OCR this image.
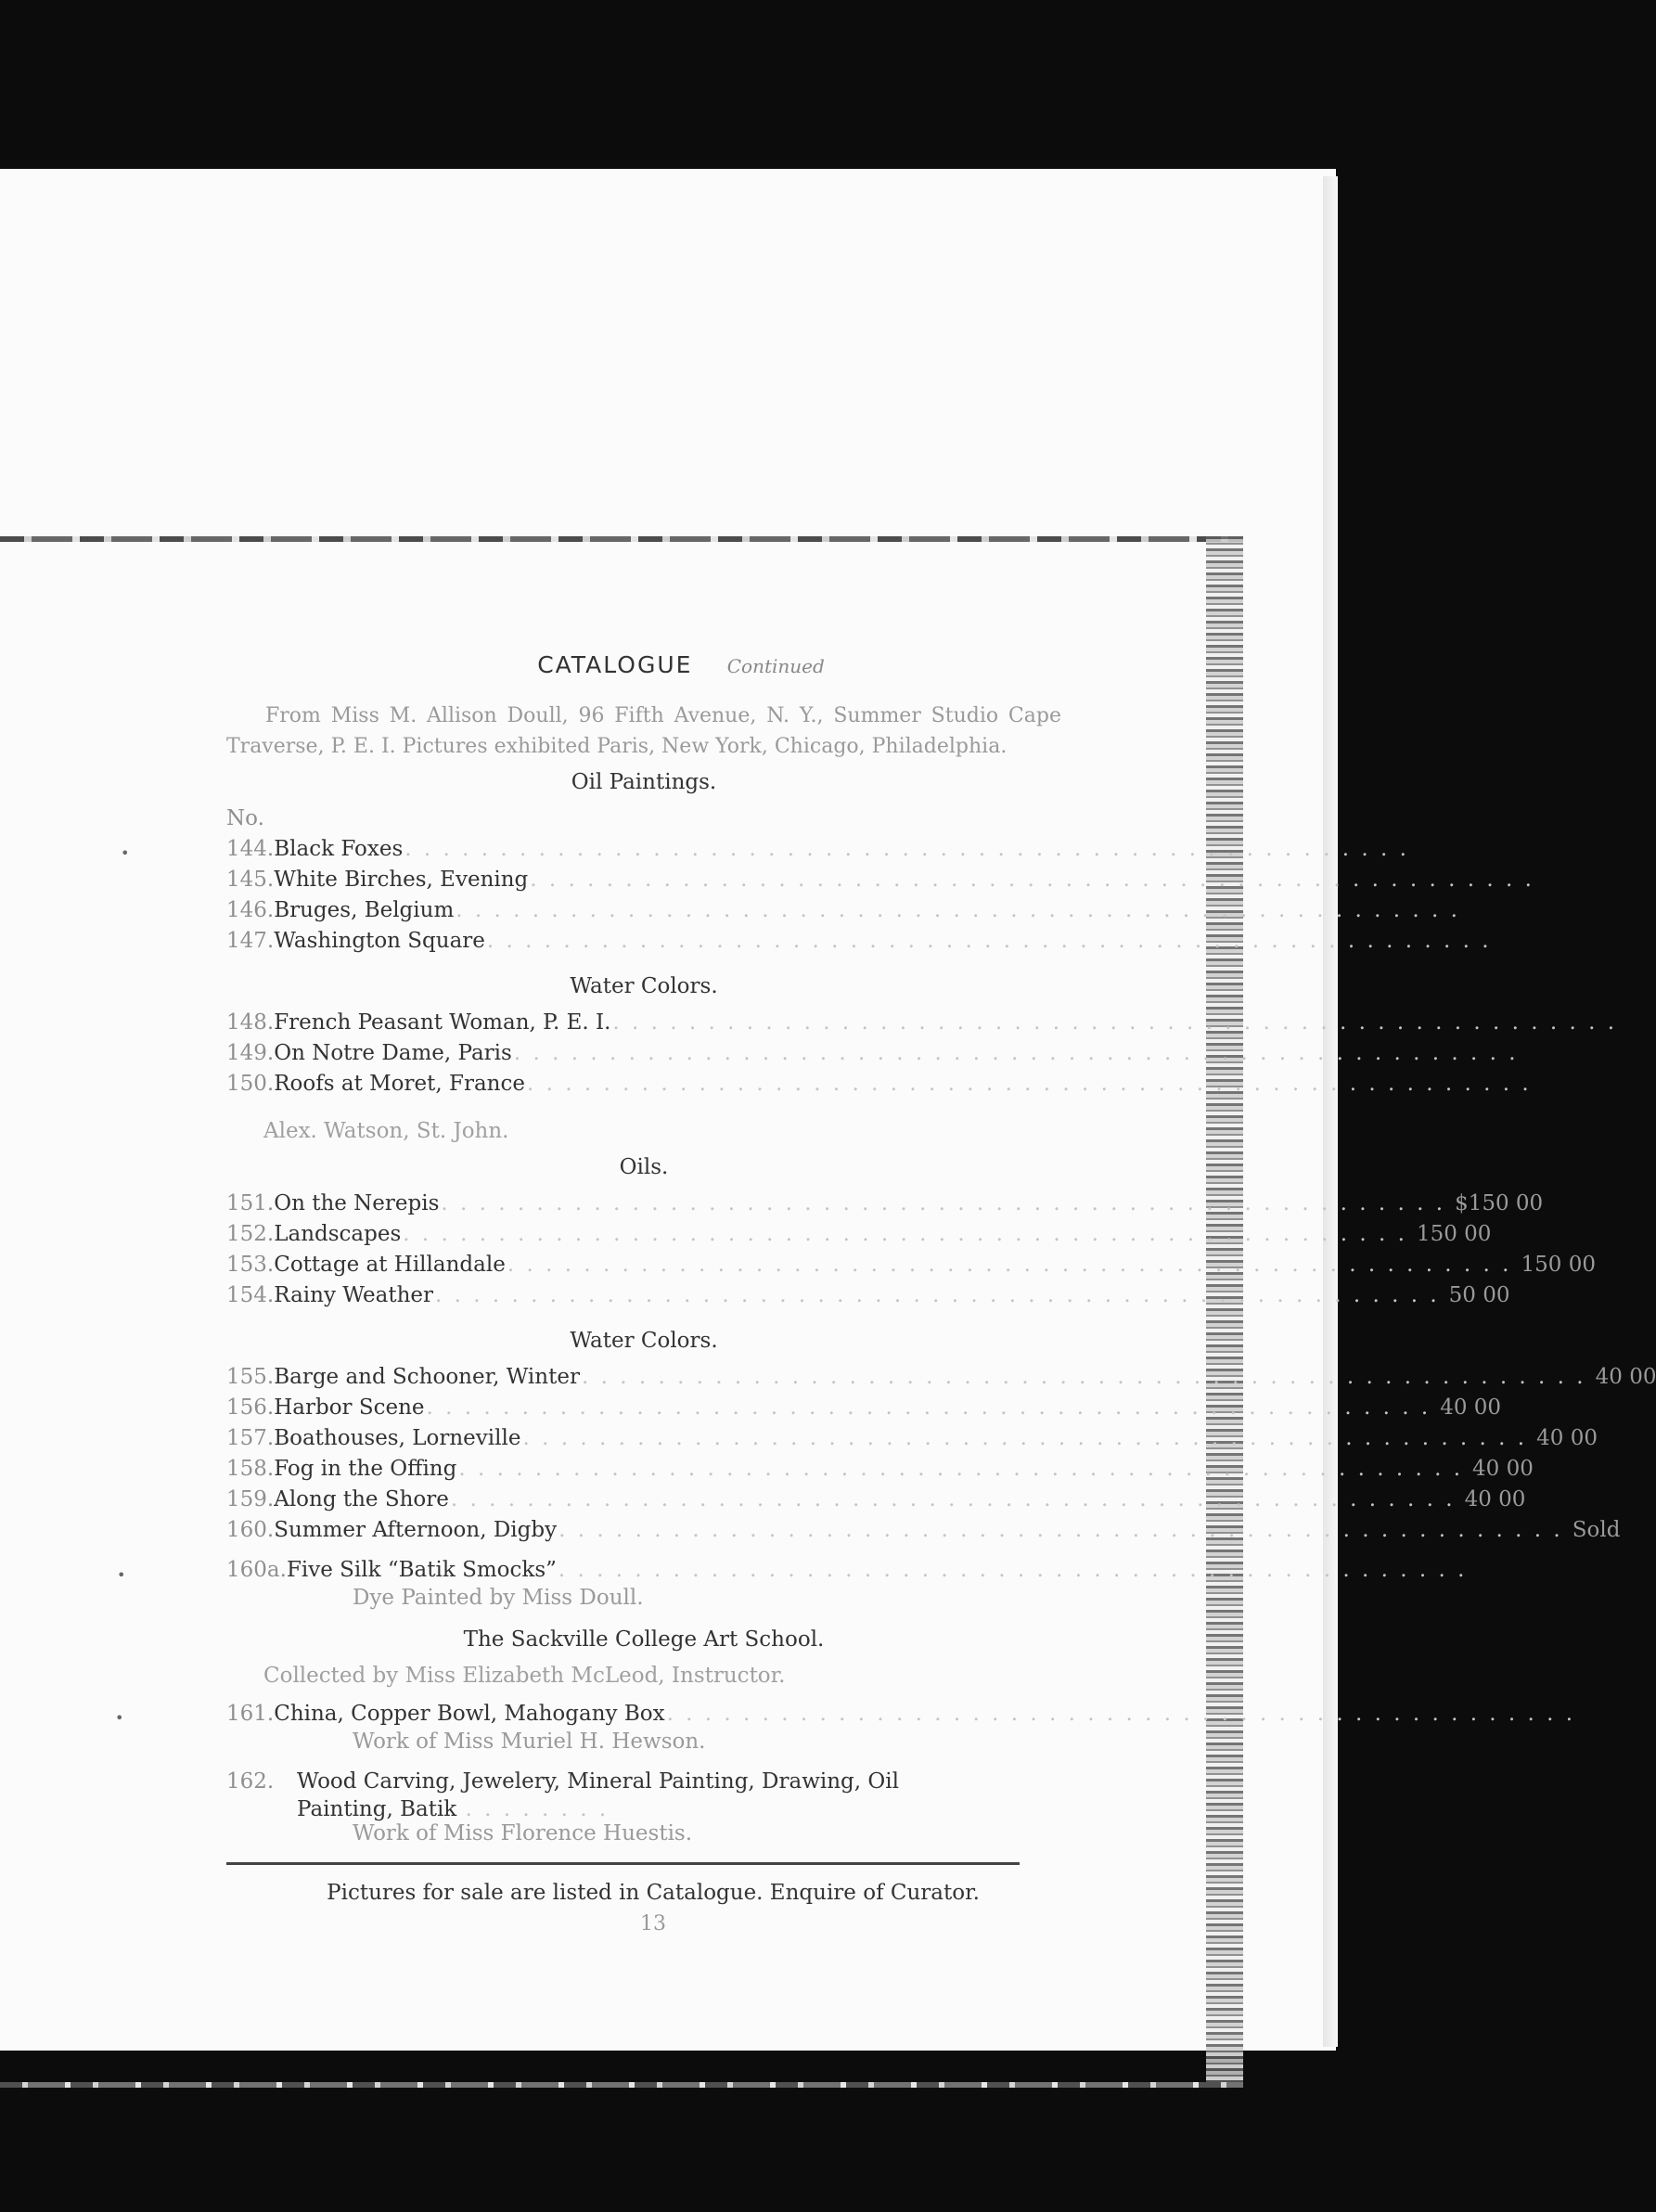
•
•
•
CATALOGUE Continued

From Miss M. Allison Doull, 96 Fifth Avenue, N. Y., Summer Studio Cape Traverse, P. E. I. Pictures exhibited Paris, New York, Chicago, Philadelphia.

Oil Paintings.
No.
144. Black Foxes . . . . . . . . . . . . . . . . . . . . . . . . . . . . . . . . . . . . . . . . . . . . . . . . . . . . .
145. White Birches, Evening . . . . . . . . . . . . . . . . . . . . . . . . . . . . . . . . . . . . . . . . . . . . . . . . . . . . .
146. Bruges, Belgium . . . . . . . . . . . . . . . . . . . . . . . . . . . . . . . . . . . . . . . . . . . . . . . . . . . . .
147. Washington Square . . . . . . . . . . . . . . . . . . . . . . . . . . . . . . . . . . . . . . . . . . . . . . . . . . . . .
Water Colors.
148. French Peasant Woman, P. E. I. . . . . . . . . . . . . . . . . . . . . . . . . . . . . . . . . . . . . . . . . . . . . . . . . . . . . .
149. On Notre Dame, Paris . . . . . . . . . . . . . . . . . . . . . . . . . . . . . . . . . . . . . . . . . . . . . . . . . . . . .
150. Roofs at Moret, France . . . . . . . . . . . . . . . . . . . . . . . . . . . . . . . . . . . . . . . . . . . . . . . . . . . . .
Alex. Watson, St. John.
Oils.
151. On the Nerepis . . . . . . . . . . . . . . . . . . . . . . . . . . . . . . . . . . . . . . . . . . . . . . . . . . . . . $150 00
152. Landscapes . . . . . . . . . . . . . . . . . . . . . . . . . . . . . . . . . . . . . . . . . . . . . . . . . . . . . 150 00
153. Cottage at Hillandale . . . . . . . . . . . . . . . . . . . . . . . . . . . . . . . . . . . . . . . . . . . . . . . . . . . . . 150 00
154. Rainy Weather . . . . . . . . . . . . . . . . . . . . . . . . . . . . . . . . . . . . . . . . . . . . . . . . . . . . . 50 00
Water Colors.
155. Barge and Schooner, Winter . . . . . . . . . . . . . . . . . . . . . . . . . . . . . . . . . . . . . . . . . . . . . . . . . . . . . 40 00
156. Harbor Scene . . . . . . . . . . . . . . . . . . . . . . . . . . . . . . . . . . . . . . . . . . . . . . . . . . . . . 40 00
157. Boathouses, Lorneville . . . . . . . . . . . . . . . . . . . . . . . . . . . . . . . . . . . . . . . . . . . . . . . . . . . . . 40 00
158. Fog in the Offing . . . . . . . . . . . . . . . . . . . . . . . . . . . . . . . . . . . . . . . . . . . . . . . . . . . . . 40 00
159. Along the Shore . . . . . . . . . . . . . . . . . . . . . . . . . . . . . . . . . . . . . . . . . . . . . . . . . . . . . 40 00
160. Summer Afternoon, Digby . . . . . . . . . . . . . . . . . . . . . . . . . . . . . . . . . . . . . . . . . . . . . . . . . . . . . Sold
160a. Five Silk “Batik Smocks” . . . . . . . . . . . . . . . . . . . . . . . . . . . . . . . . . . . . . . . . . . . . . . . .
Dye Painted by Miss Doull.
The Sackville College Art School.
Collected by Miss Elizabeth McLeod, Instructor.
161. China, Copper Bowl, Mahogany Box . . . . . . . . . . . . . . . . . . . . . . . . . . . . . . . . . . . . . . . . . . . . . . . .
Work of Miss Muriel H. Hewson.
162.	Wood Carving, Jewelery, Mineral Painting, Drawing, Oil
Painting, Batik . . . . . . . .
Work of Miss Florence Huestis.
Pictures for sale are listed in Catalogue. Enquire of Curator.
13
